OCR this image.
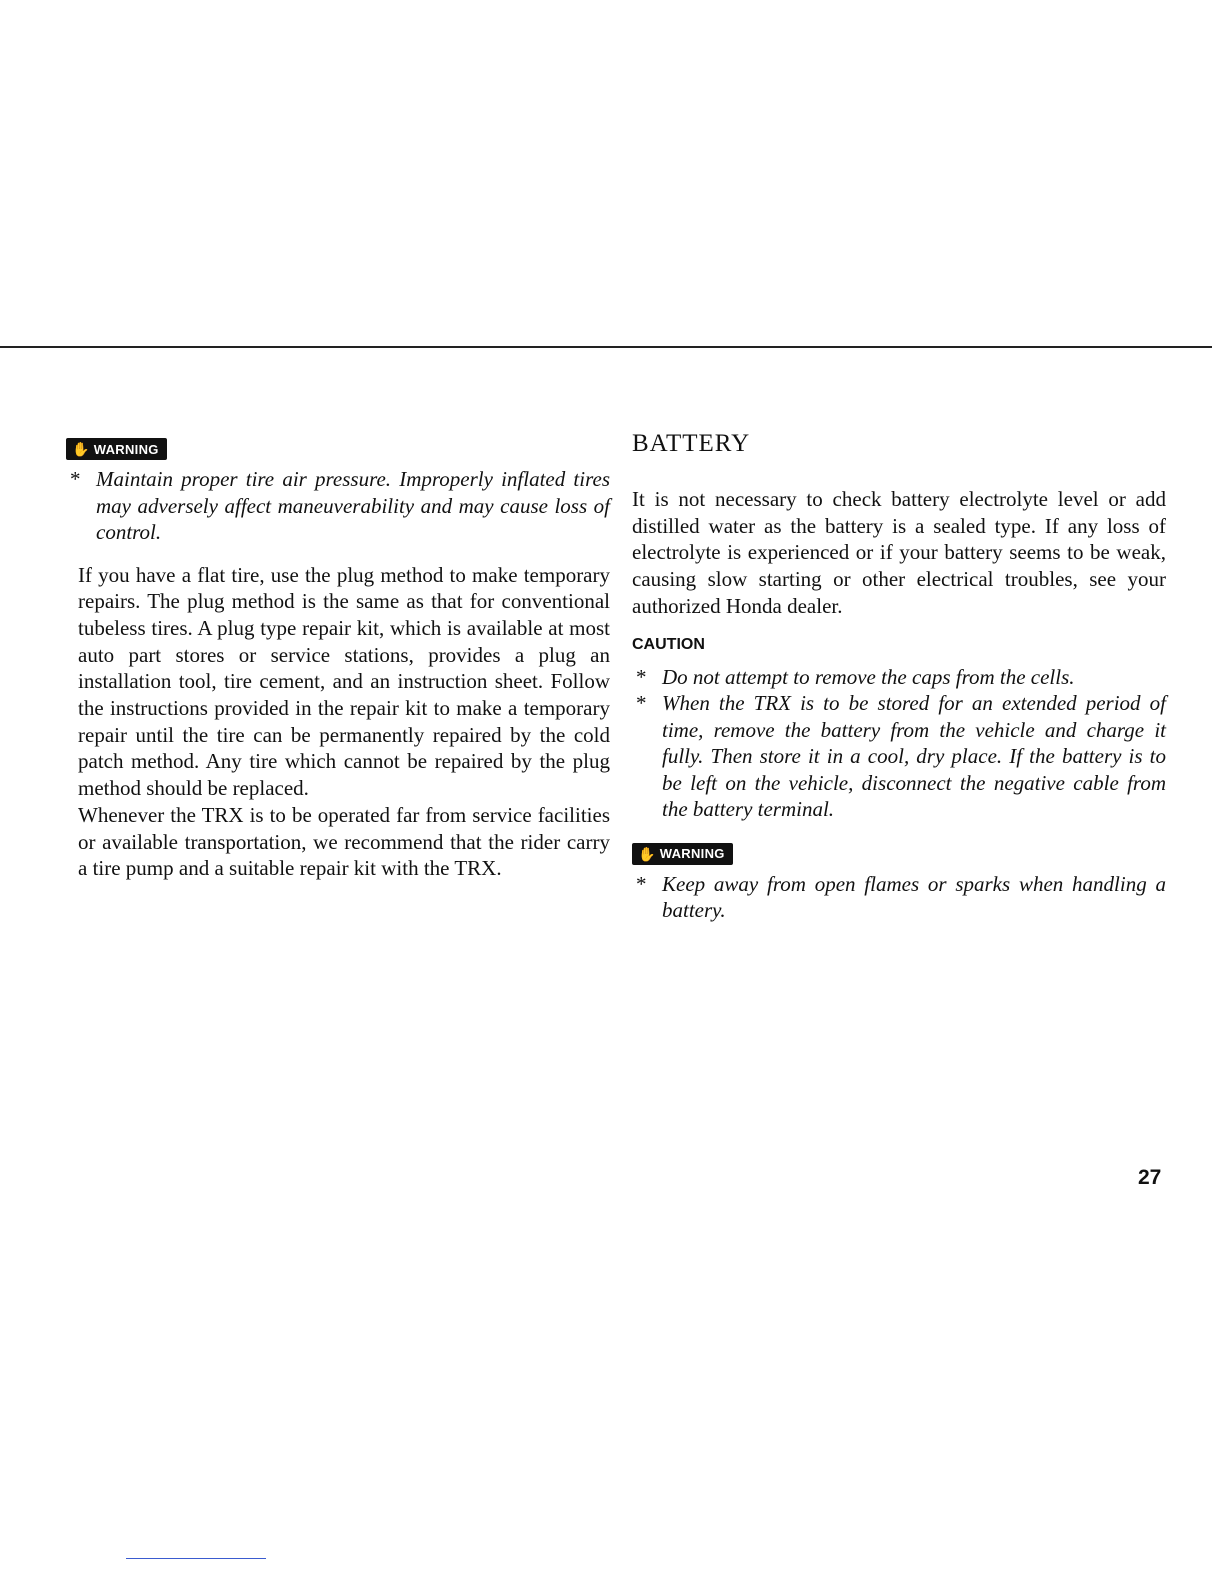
✋ WARNING
* Maintain proper tire air pressure. Improperly inflated tires may adversely affect maneuverability and may cause loss of control.

If you have a flat tire, use the plug method to make temporary repairs. The plug method is the same as that for conventional tubeless tires. A plug type repair kit, which is available at most auto part stores or service stations, provides a plug an installation tool, tire cement, and an instruction sheet. Follow the instructions provided in the repair kit to make a temporary repair until the tire can be permanently repaired by the cold patch method. Any tire which cannot be repaired by the plug method should be replaced.

Whenever the TRX is to be operated far from service facilities or available transportation, we recommend that the rider carry a tire pump and a suitable repair kit with the TRX.

BATTERY

It is not necessary to check battery electrolyte level or add distilled water as the battery is a sealed type. If any loss of electrolyte is experienced or if your battery seems to be weak, causing slow starting or other electrical troubles, see your authorized Honda dealer.

CAUTION
* Do not attempt to remove the caps from the cells.
* When the TRX is to be stored for an extended period of time, remove the battery from the vehicle and charge it fully. Then store it in a cool, dry place. If the battery is to be left on the vehicle, disconnect the negative cable from the battery terminal.
✋ WARNING
* Keep away from open flames or sparks when handling a battery.
27
